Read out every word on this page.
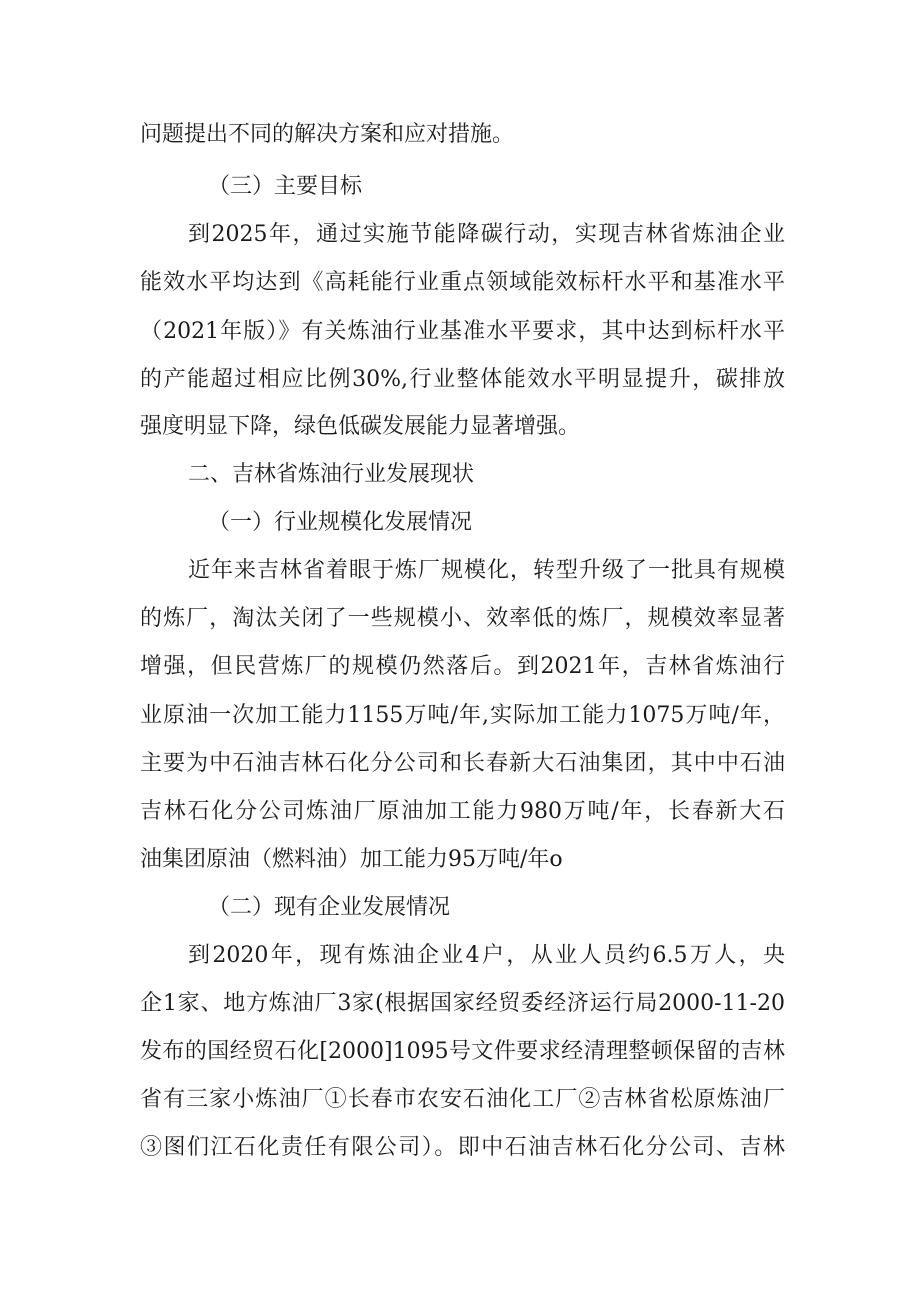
问题提出不同的解决方案和应对措施。
（三）主要目标
到2025年，通过实施节能降碳行动，实现吉林省炼油企业
能效水平均达到《高耗能行业重点领域能效标杆水平和基准水平
（2021年版）》有关炼油行业基准水平要求，其中达到标杆水平
的产能超过相应比例30%,行业整体能效水平明显提升，碳排放
强度明显下降，绿色低碳发展能力显著增强。
二、吉林省炼油行业发展现状
（一）行业规模化发展情况
近年来吉林省着眼于炼厂规模化，转型升级了一批具有规模
的炼厂，淘汰关闭了一些规模小、效率低的炼厂，规模效率显著
增强，但民营炼厂的规模仍然落后。到2021年，吉林省炼油行
业原油一次加工能力1155万吨/年,实际加工能力1075万吨/年，
主要为中石油吉林石化分公司和长春新大石油集团，其中中石油
吉林石化分公司炼油厂原油加工能力980万吨/年，长春新大石
油集团原油（燃料油）加工能力95万吨/年o
（二）现有企业发展情况
到2020年，现有炼油企业4户，从业人员约6.5万人，央
企1家、地方炼油厂3家(根据国家经贸委经济运行局2000-11-20
发布的国经贸石化[2000]1095号文件要求经清理整顿保留的吉林
省有三家小炼油厂①长春市农安石油化工厂②吉林省松原炼油厂
③图们江石化责任有限公司）。即中石油吉林石化分公司、吉林
